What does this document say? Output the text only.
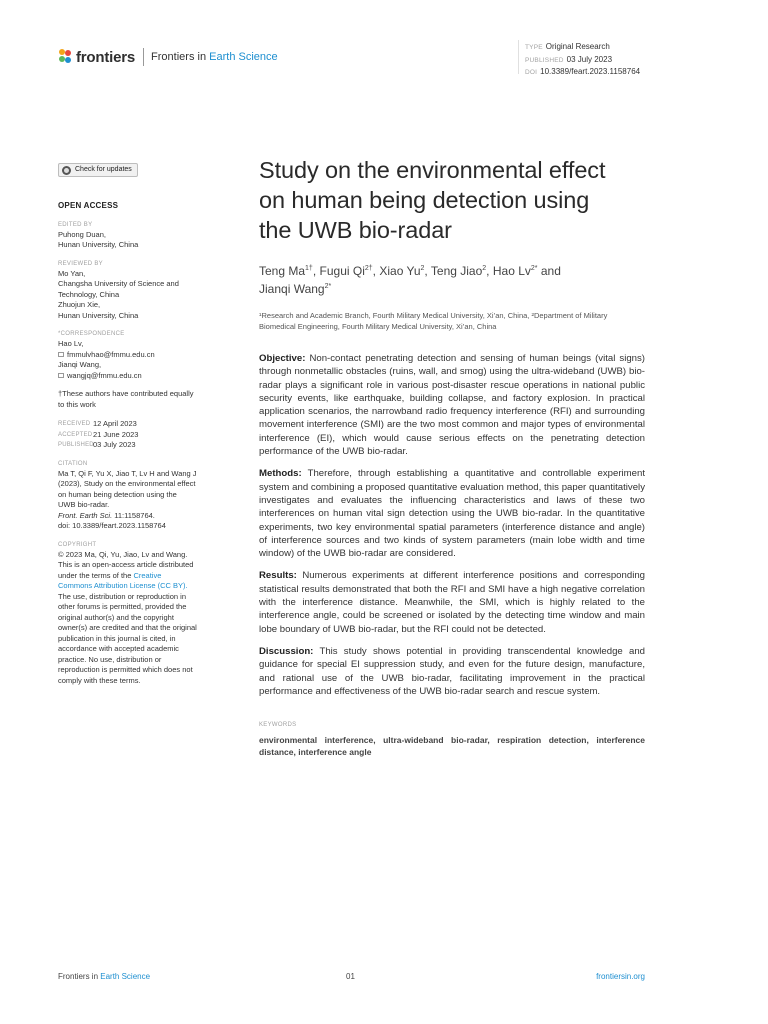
frontiers Frontiers in Earth Science
TYPE Original Research
PUBLISHED 03 July 2023
DOI 10.3389/feart.2023.1158764
Check for updates
OPEN ACCESS
EDITED BY
Puhong Duan,
Hunan University, China
REVIEWED BY
Mo Yan,
Changsha University of Science and
Technology, China
Zhuojun Xie,
Hunan University, China
*CORRESPONDENCE
Hao Lv,
fmmulvhao@fmmu.edu.cn
Jianqi Wang,
wangjq@fmmu.edu.cn
†These authors have contributed equally
to this work
RECEIVED 12 April 2023
ACCEPTED 21 June 2023
PUBLISHED 03 July 2023
CITATION
Ma T, Qi F, Yu X, Jiao T, Lv H and Wang J
(2023), Study on the environmental effect
on human being detection using the
UWB bio-radar.
Front. Earth Sci. 11:1158764.
doi: 10.3389/feart.2023.1158764
COPYRIGHT
© 2023 Ma, Qi, Yu, Jiao, Lv and Wang.
This is an open-access article distributed
under the terms of the Creative
Commons Attribution License (CC BY).
The use, distribution or reproduction in
other forums is permitted, provided the
original author(s) and the copyright
owner(s) are credited and that the original
publication in this journal is cited, in
accordance with accepted academic
practice. No use, distribution or
reproduction is permitted which does not
comply with these terms.
Study on the environmental effect
on human being detection using
the UWB bio-radar
Teng $Ma^{1\dagger}$, Fugui $Qi^{2\dagger}$, Xiao Yu$^2$, Teng Jiao$^2$, Hao $Lv^{2*}$ and
Jianqi Wang$^{2*}$
¹Research and Academic Branch, Fourth Military Medical University, Xi’an, China, ²Department of Military Biomedical Engineering, Fourth Military Medical University, Xi’an, China

Objective: Non-contact penetrating detection and sensing of human beings (vital signs) through nonmetallic obstacles (ruins, wall, and smog) using the ultra-wideband (UWB) bio-radar plays a significant role in various post-disaster rescue operations in national public security events, like earthquake, building collapse, and factory explosion. In practical application scenarios, the narrowband radio frequency interference (RFI) and surrounding movement interference (SMI) are the two most common and major types of environmental interference (EI), which would cause serious effects on the penetrating detection performance of the UWB bio-radar.

Methods: Therefore, through establishing a quantitative and controllable experiment system and combining a proposed quantitative evaluation method, this paper quantitatively investigates and evaluates the influencing characteristics and laws of these two interferences on human vital sign detection using the UWB bio-radar. In the quantitative experiments, two key environmental spatial parameters (interference distance and angle) of interference sources and two kinds of system parameters (main lobe width and time window) of the UWB bio-radar are considered.

Results: Numerous experiments at different interference positions and corresponding statistical results demonstrated that both the RFI and SMI have a high negative correlation with the interference distance. Meanwhile, the SMI, which is highly related to the interference angle, could be screened or isolated by the detecting time window and main lobe boundary of UWB bio-radar, but the RFI could not be detected.

Discussion: This study shows potential in providing transcendental knowledge and guidance for special EI suppression study, and even for the future design, manufacture, and rational use of the UWB bio-radar, facilitating improvement in the practical performance and effectiveness of the UWB bio-radar search and rescue system.

KEYWORDS
environmental interference, ultra-wideband bio-radar, respiration detection, interference distance, interference angle
Frontiers in Earth Science	01	frontiersin.org
